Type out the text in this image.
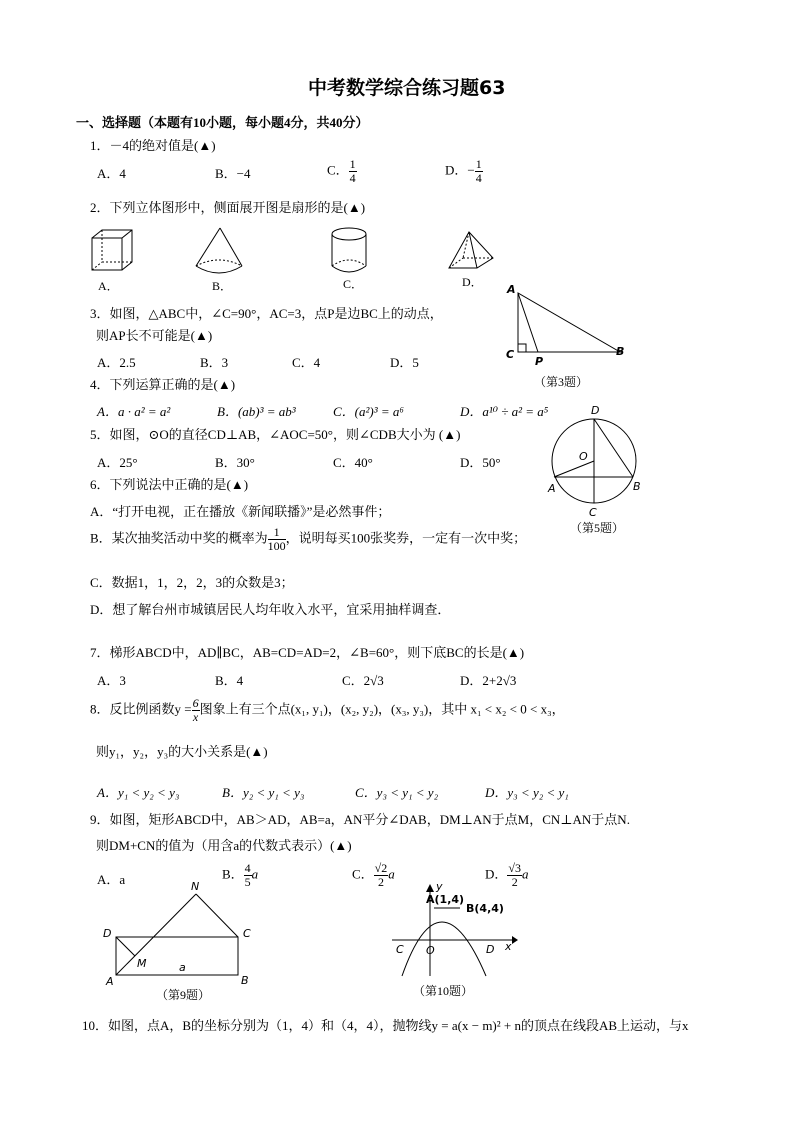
中考数学综合练习题63
一、选择题（本题有10小题，每小题4分，共40分）
1．－4的绝对值是(▲)
A．4	B．−4	C． $\frac{1}{4}$	D．− $\frac{1}{4}$
2．下列立体图形中，侧面展开图是扇形的是(▲)
A．	B．	C．	D．
3．如图，△ABC中，∠C=90°，AC=3，点P是边BC上的动点，
则AP长不可能是(▲)
A．2.5	B．3	C．4	D．5
A
C
P
B
（第3题）
4．下列运算正确的是(▲)
A．a · a² = a²	B．(ab)³ = ab³	C．(a²)³ = a⁶	D．a¹⁰ ÷ a² = a⁵
5．如图，⊙O的直径CD⊥AB，∠AOC=50°，则∠CDB大小为 (▲)
A．25°	B．30°	C．40°	D．50°
D
O
A	B
C
（第5题）
6．下列说法中正确的是(▲)
A．“打开电视，正在播放《新闻联播》”是必然事件；
B．某次抽奖活动中奖的概率为 $\frac{1}{100}$ ，说明每买100张奖券，一定有一次中奖；
C．数据1，1，2，2，3的众数是3；
D．想了解台州市城镇居民人均年收入水平，宜采用抽样调查．
7．梯形ABCD中，AD∥BC，AB=CD=AD=2，∠B=60°，则下底BC的长是(▲)
A．3	B．4	C．2√3	D．2+2√3
8．反比例函数$y = \frac{6}{x}$ 图象上有三个点(x₁, y₁)，(x₂, y₂)，(x₃, y₃)，其中 x₁ < x₂ < 0 < x₃，
则y₁，y₂，y₃的大小关系是(▲)
A．y₁ < y₂ < y₃	B．y₂ < y₁ < y₃	C．y₃ < y₁ < y₂	D．y₃ < y₂ < y₁
9．如图，矩形ABCD中，AB＞AD，AB=a，AN平分∠DAB，DM⊥AN于点M，CN⊥AN于点N.
则DM+CN的值为（用含a的代数式表示）(▲)
A．a	B． $\frac{4}{5}$ a	C． $\frac{√2}{2}$ a	D． $\frac{√3}{2}$ a
N
D	C
M	a
A	B
（第9题）
y
A(1,4)
B(4,4)
C O	D x
（第10题）
10．如图，点A，B的坐标分别为（1，4）和（4，4），抛物线y = a(x − m)² + n的顶点在线段AB上运动，与x
